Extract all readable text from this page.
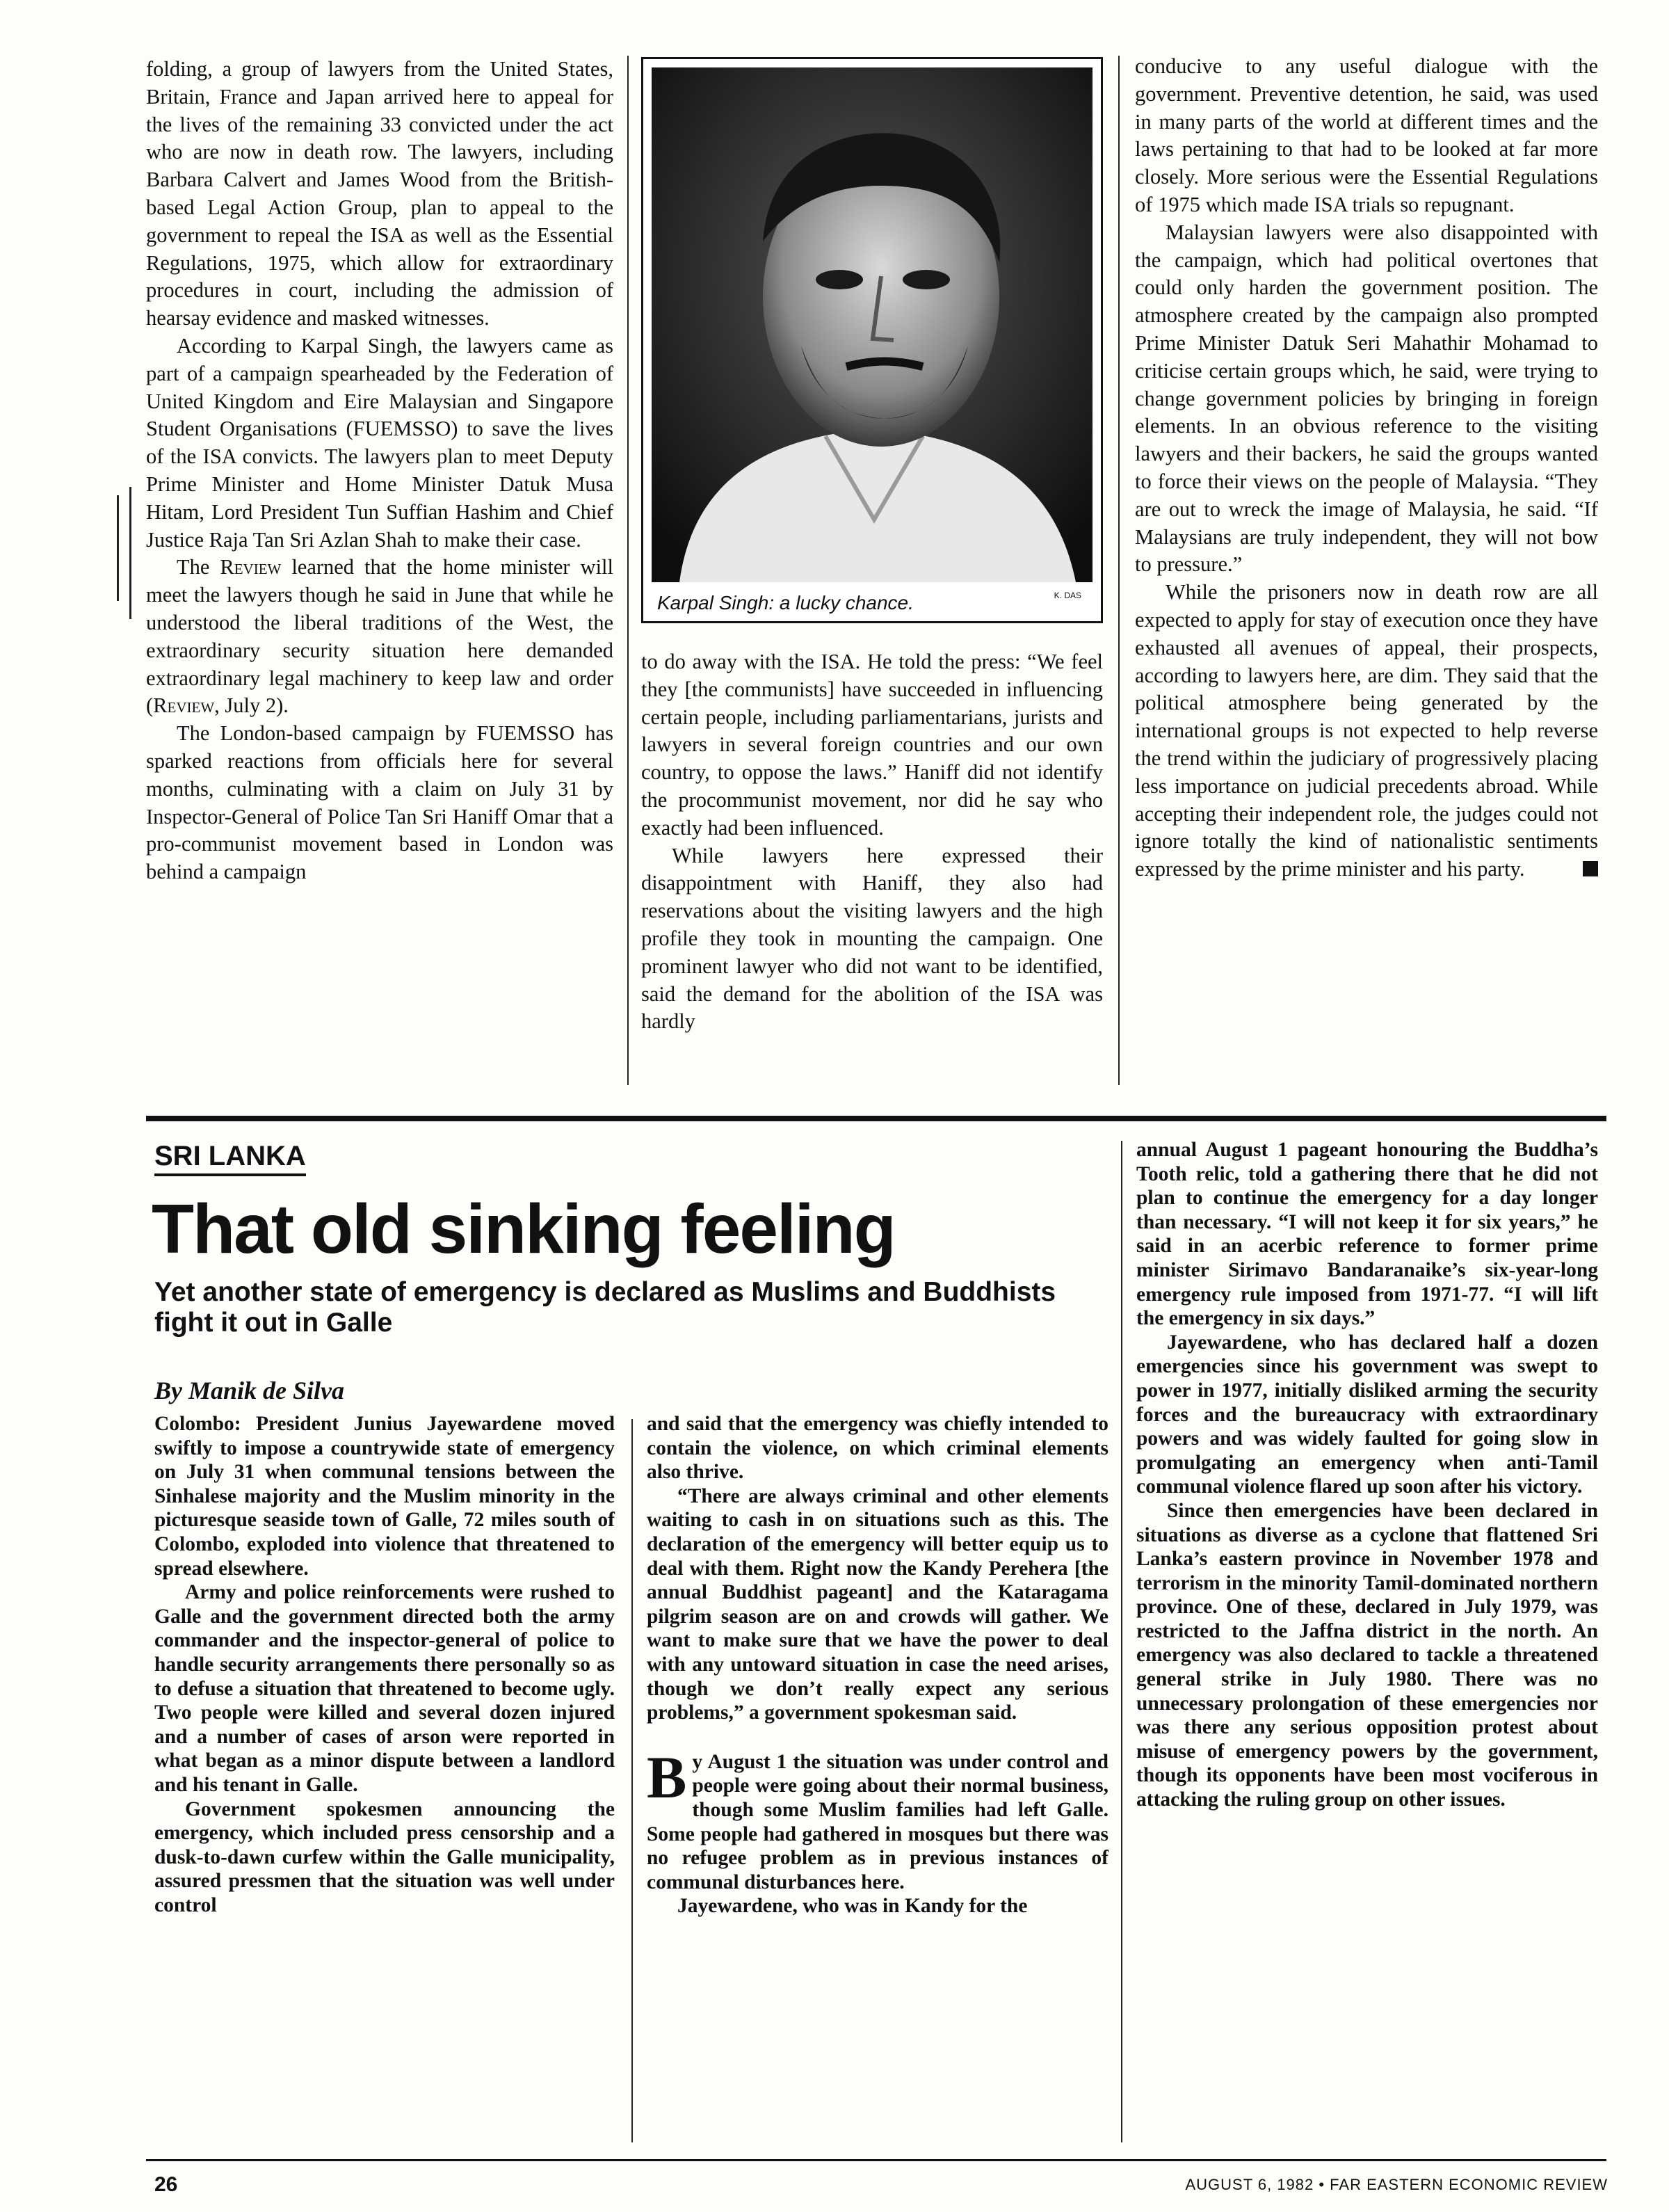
folding, a group of lawyers from the United States, Britain, France and Japan arrived here to appeal for the lives of the remaining 33 convicted under the act who are now in death row. The lawyers, including Barbara Calvert and James Wood from the British-based Legal Action Group, plan to appeal to the government to repeal the ISA as well as the Essential Regulations, 1975, which allow for extraordinary procedures in court, including the admission of hearsay evidence and masked witnesses.

According to Karpal Singh, the lawyers came as part of a campaign spearheaded by the Federation of United Kingdom and Eire Malaysian and Singapore Student Organisations (FUEMSSO) to save the lives of the ISA convicts. The lawyers plan to meet Deputy Prime Minister and Home Minister Datuk Musa Hitam, Lord President Tun Suffian Hashim and Chief Justice Raja Tan Sri Azlan Shah to make their case.

The Review learned that the home minister will meet the lawyers though he said in June that while he understood the liberal traditions of the West, the extraordinary security situation here demanded extraordinary legal machinery to keep law and order (Review, July 2).

The London-based campaign by FUEMSSO has sparked reactions from officials here for several months, culminating with a claim on July 31 by Inspector-General of Police Tan Sri Haniff Omar that a pro-communist movement based in London was behind a campaign

Karpal Singh: a lucky chance.	K. DAS

to do away with the ISA. He told the press: “We feel they [the communists] have succeeded in influencing certain people, including parliamentarians, jurists and lawyers in several foreign countries and our own country, to oppose the laws.” Haniff did not identify the procommunist movement, nor did he say who exactly had been influenced.

While lawyers here expressed their disappointment with Haniff, they also had reservations about the visiting lawyers and the high profile they took in mounting the campaign. One prominent lawyer who did not want to be identified, said the demand for the abolition of the ISA was hardly

conducive to any useful dialogue with the government. Preventive detention, he said, was used in many parts of the world at different times and the laws pertaining to that had to be looked at far more closely. More serious were the Essential Regulations of 1975 which made ISA trials so repugnant.

Malaysian lawyers were also disappointed with the campaign, which had political overtones that could only harden the government position. The atmosphere created by the campaign also prompted Prime Minister Datuk Seri Mahathir Mohamad to criticise certain groups which, he said, were trying to change government policies by bringing in foreign elements. In an obvious reference to the visiting lawyers and their backers, he said the groups wanted to force their views on the people of Malaysia. “They are out to wreck the image of Malaysia, he said. “If Malaysians are truly independent, they will not bow to pressure.”

While the prisoners now in death row are all expected to apply for stay of execution once they have exhausted all avenues of appeal, their prospects, according to lawyers here, are dim. They said that the political atmosphere being generated by the international groups is not expected to help reverse the trend within the judiciary of progressively placing less importance on judicial precedents abroad. While accepting their independent role, the judges could not ignore totally the kind of nationalistic sentiments expressed by the prime minister and his party.	R

SRI LANKA
That old sinking feeling
Yet another state of emergency is declared as Muslims and Buddhists fight it out in Galle
By Manik de Silva

Colombo: President Junius Jayewardene moved swiftly to impose a countrywide state of emergency on July 31 when communal tensions between the Sinhalese majority and the Muslim minority in the picturesque seaside town of Galle, 72 miles south of Colombo, exploded into violence that threatened to spread elsewhere.

Army and police reinforcements were rushed to Galle and the government directed both the army commander and the inspector-general of police to handle security arrangements there personally so as to defuse a situation that threatened to become ugly. Two people were killed and several dozen injured and a number of cases of arson were reported in what began as a minor dispute between a landlord and his tenant in Galle.

Government spokesmen announcing the emergency, which included press censorship and a dusk-to-dawn curfew within the Galle municipality, assured pressmen that the situation was well under control

and said that the emergency was chiefly intended to contain the violence, on which criminal elements also thrive.

“There are always criminal and other elements waiting to cash in on situations such as this. The declaration of the emergency will better equip us to deal with them. Right now the Kandy Perehera [the annual Buddhist pageant] and the Kataragama pilgrim season are on and crowds will gather. We want to make sure that we have the power to deal with any untoward situation in case the need arises, though we don’t really expect any serious problems,” a government spokesman said.

By August 1 the situation was under control and people were going about their normal business, though some Muslim families had left Galle. Some people had gathered in mosques but there was no refugee problem as in previous instances of communal disturbances here.

Jayewardene, who was in Kandy for the

annual August 1 pageant honouring the Buddha’s Tooth relic, told a gathering there that he did not plan to continue the emergency for a day longer than necessary. “I will not keep it for six years,” he said in an acerbic reference to former prime minister Sirimavo Bandaranaike’s six-year-long emergency rule imposed from 1971-77. “I will lift the emergency in six days.”

Jayewardene, who has declared half a dozen emergencies since his government was swept to power in 1977, initially disliked arming the security forces and the bureaucracy with extraordinary powers and was widely faulted for going slow in promulgating an emergency when anti-Tamil communal violence flared up soon after his victory.

Since then emergencies have been declared in situations as diverse as a cyclone that flattened Sri Lanka’s eastern province in November 1978 and terrorism in the minority Tamil-dominated northern province. One of these, declared in July 1979, was restricted to the Jaffna district in the north. An emergency was also declared to tackle a threatened general strike in July 1980. There was no unnecessary prolongation of these emergencies nor was there any serious opposition protest about misuse of emergency powers by the government, though its opponents have been most vociferous in attacking the ruling group on other issues.

26	AUGUST 6, 1982 • FAR EASTERN ECONOMIC REVIEW
